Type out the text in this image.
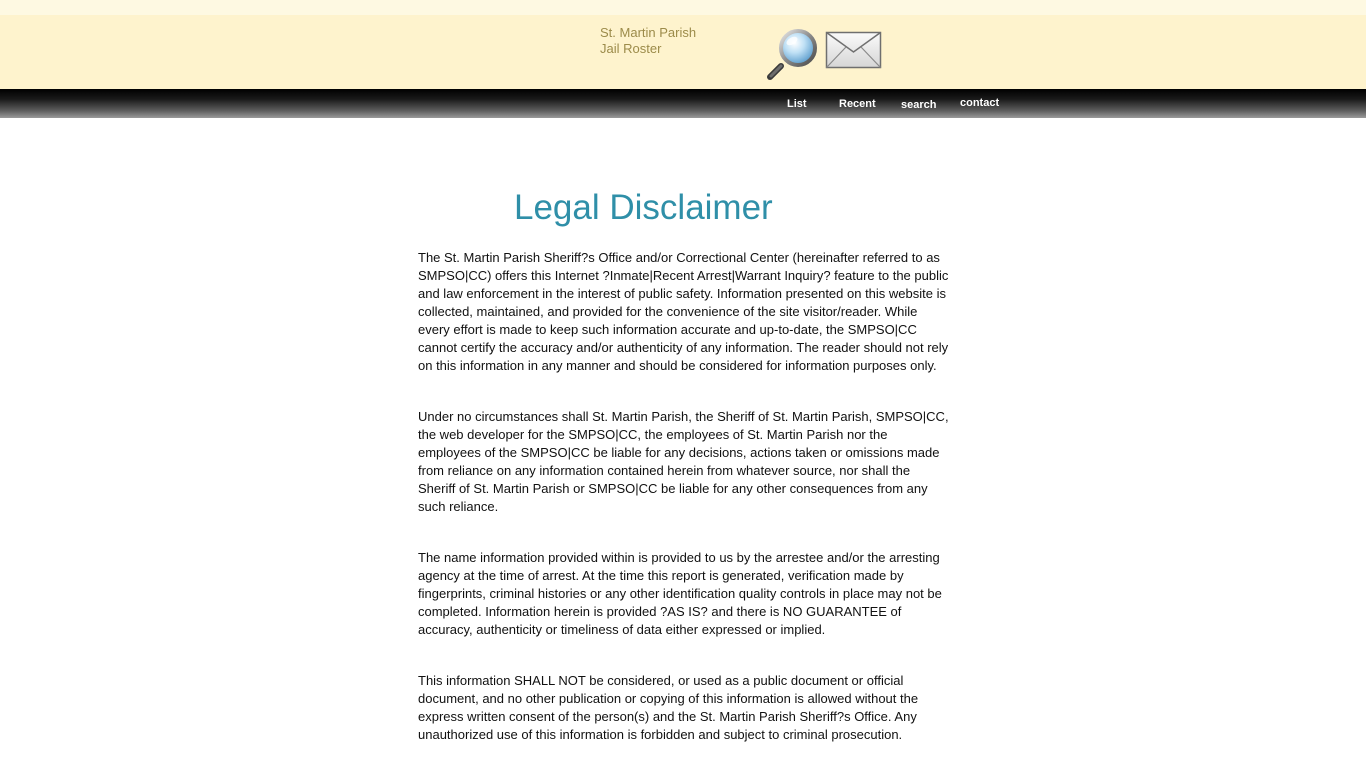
St. Martin Parish
Jail Roster
List	Recent search contact
Legal Disclaimer

The St. Martin Parish Sheriff?s Office and/or Correctional Center (hereinafter referred to as SMPSO|CC) offers this Internet ?Inmate|Recent Arrest|Warrant Inquiry? feature to the public and law enforcement in the interest of public safety. Information presented on this website is collected, maintained, and provided for the convenience of the site visitor/reader. While every effort is made to keep such information accurate and up-to-date, the SMPSO|CC cannot certify the accuracy and/or authenticity of any information. The reader should not rely on this information in any manner and should be considered for information purposes only.

Under no circumstances shall St. Martin Parish, the Sheriff of St. Martin Parish, SMPSO|CC, the web developer for the SMPSO|CC, the employees of St. Martin Parish nor the employees of the SMPSO|CC be liable for any decisions, actions taken or omissions made from reliance on any information contained herein from whatever source, nor shall the Sheriff of St. Martin Parish or SMPSO|CC be liable for any other consequences from any such reliance.

The name information provided within is provided to us by the arrestee and/or the arresting agency at the time of arrest. At the time this report is generated, verification made by fingerprints, criminal histories or any other identification quality controls in place may not be completed. Information herein is provided ?AS IS? and there is NO GUARANTEE of accuracy, authenticity or timeliness of data either expressed or implied.

This information SHALL NOT be considered, or used as a public document or official document, and no other publication or copying of this information is allowed without the express written consent of the person(s) and the St. Martin Parish Sheriff?s Office. Any unauthorized use of this information is forbidden and subject to criminal prosecution.
